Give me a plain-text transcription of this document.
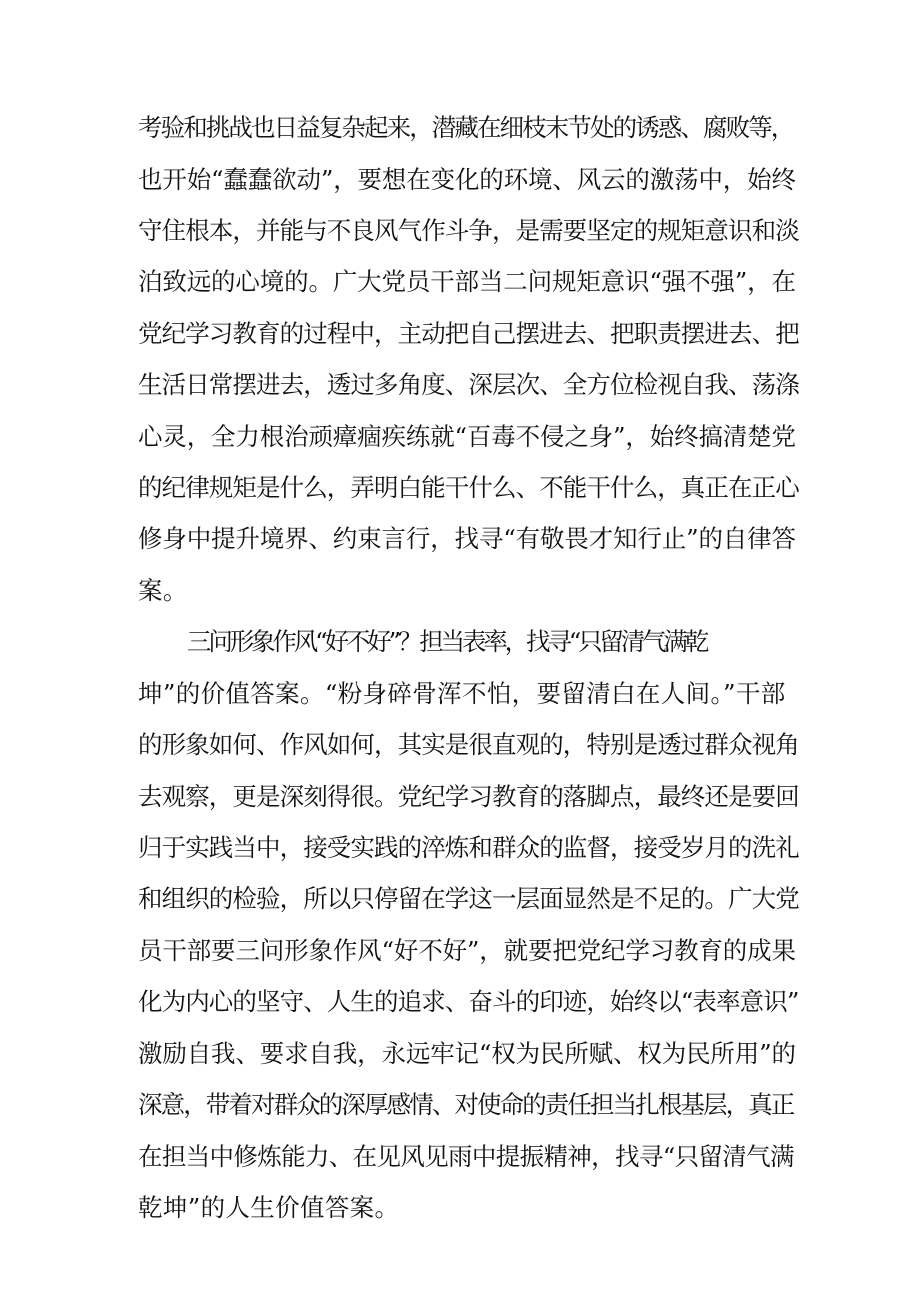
考验和挑战也日益复杂起来，潜藏在细枝末节处的诱惑、腐败等，
也开始“蠢蠢欲动”，要想在变化的环境、风云的激荡中，始终
守住根本，并能与不良风气作斗争，是需要坚定的规矩意识和淡
泊致远的心境的。广大党员干部当二问规矩意识“强不强”，在
党纪学习教育的过程中，主动把自己摆进去、把职责摆进去、把
生活日常摆进去，透过多角度、深层次、全方位检视自我、荡涤
心灵，全力根治顽瘴痼疾练就“百毒不侵之身”，始终搞清楚党
的纪律规矩是什么，弄明白能干什么、不能干什么，真正在正心
修身中提升境界、约束言行，找寻“有敬畏才知行止”的自律答
案。
三问形象作风“好不好”？担当表率，找寻“只留清气满乾
坤”的价值答案。“粉身碎骨浑不怕，要留清白在人间。”干部
的形象如何、作风如何，其实是很直观的，特别是透过群众视角
去观察，更是深刻得很。党纪学习教育的落脚点，最终还是要回
归于实践当中，接受实践的淬炼和群众的监督，接受岁月的洗礼
和组织的检验，所以只停留在学这一层面显然是不足的。广大党
员干部要三问形象作风“好不好”，就要把党纪学习教育的成果
化为内心的坚守、人生的追求、奋斗的印迹，始终以“表率意识”
激励自我、要求自我，永远牢记“权为民所赋、权为民所用”的
深意，带着对群众的深厚感情、对使命的责任担当扎根基层，真正
在担当中修炼能力、在见风见雨中提振精神，找寻“只留清气满
乾坤”的人生价值答案。
